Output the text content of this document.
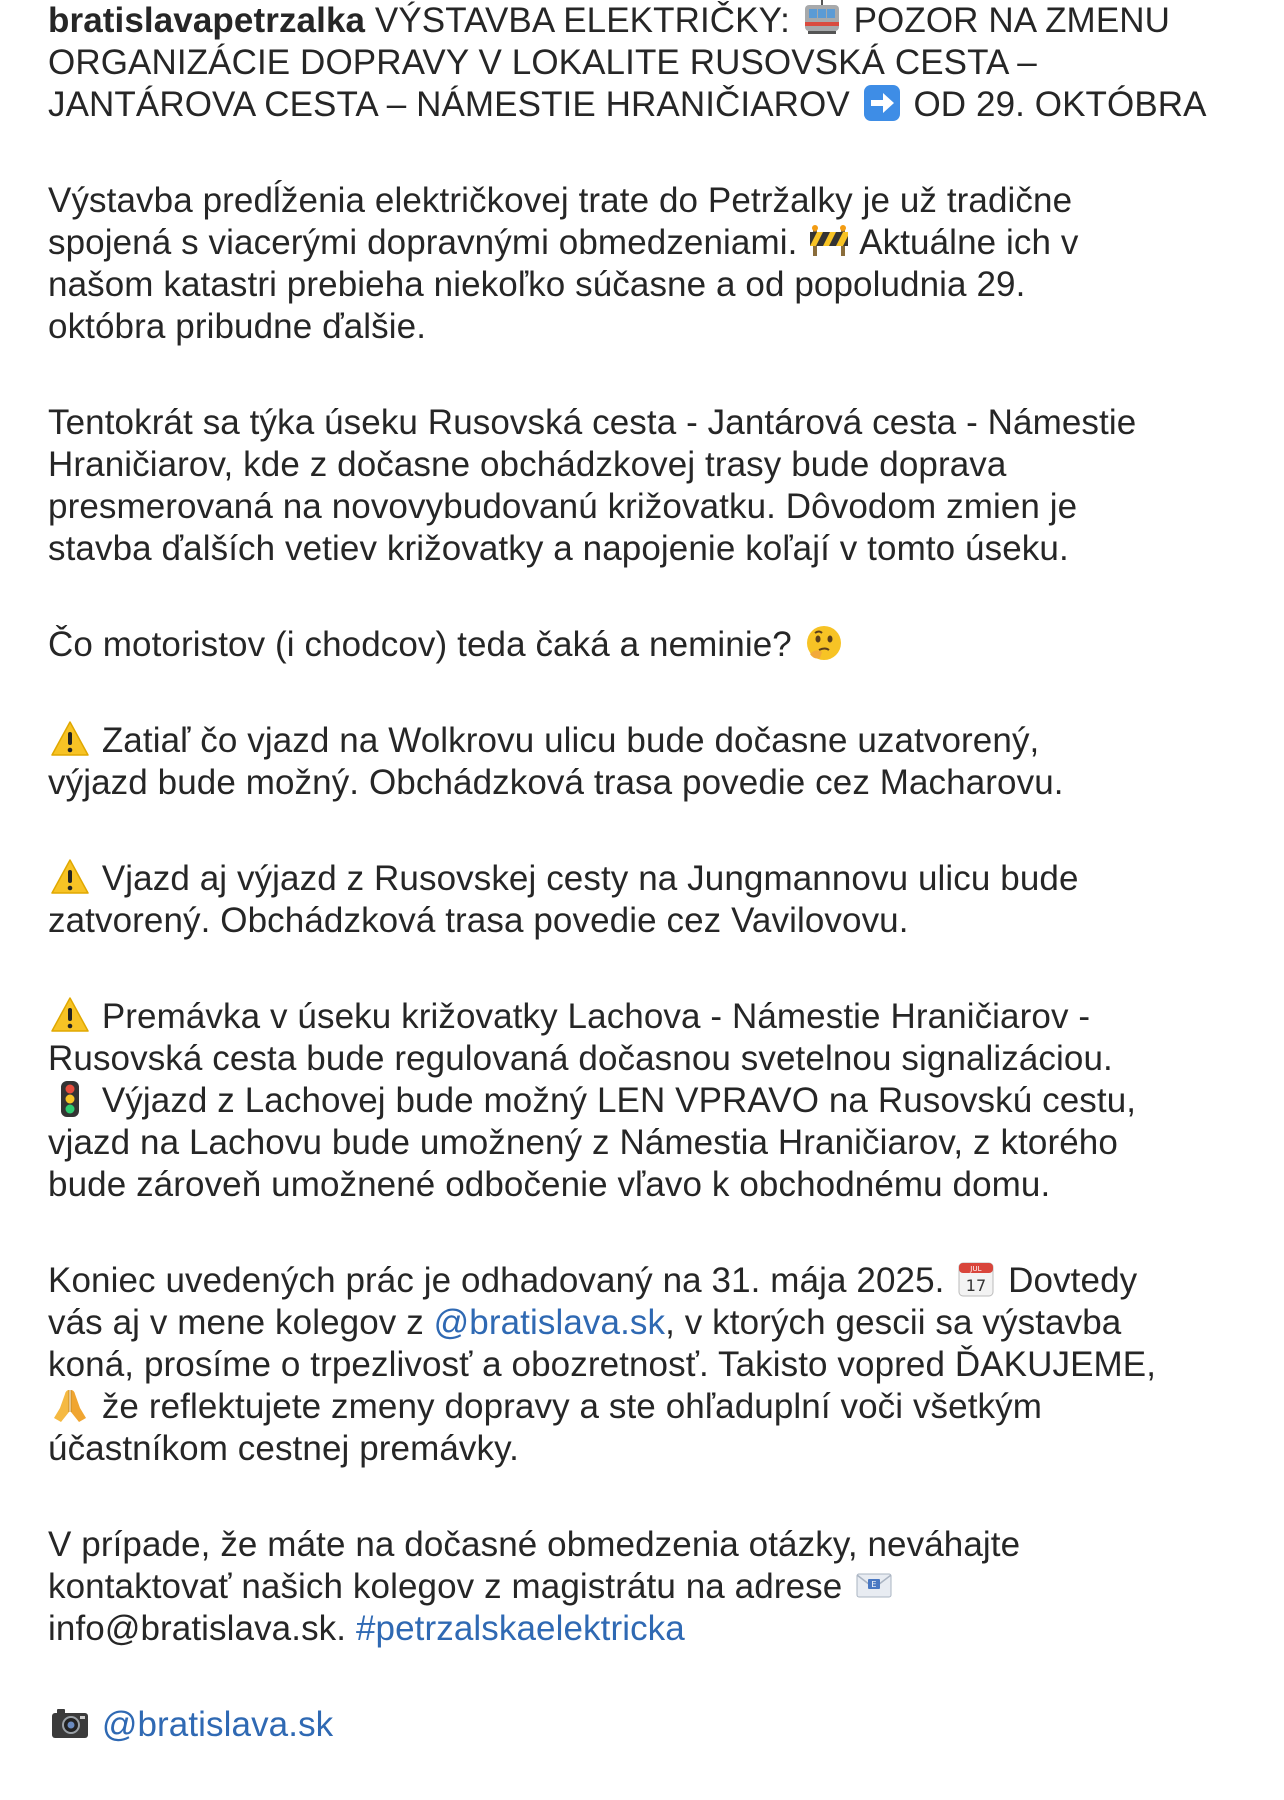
bratislavapetrzalka VÝSTAVBA ELEKTRIČKY: POZOR NA ZMENU
ORGANIZÁCIE DOPRAVY V LOKALITE RUSOVSKÁ CESTA –
JANTÁROVA CESTA – NÁMESTIE HRANIČIAROV OD 29. OKTÓBRA

Výstavba predĺženia električkovej trate do Petržalky je už tradične
spojená s viacerými dopravnými obmedzeniami. Aktuálne ich v
našom katastri prebieha niekoľko súčasne a od popoludnia 29.
októbra pribudne ďalšie.

Tentokrát sa týka úseku Rusovská cesta - Jantárová cesta - Námestie
Hraničiarov, kde z dočasne obchádzkovej trasy bude doprava
presmerovaná na novovybudovanú križovatku. Dôvodom zmien je
stavba ďalších vetiev križovatky a napojenie koľají v tomto úseku.

Čo motoristov (i chodcov) teda čaká a neminie?

Zatiaľ čo vjazd na Wolkrovu ulicu bude dočasne uzatvorený,
výjazd bude možný. Obchádzková trasa povedie cez Macharovu.

Vjazd aj výjazd z Rusovskej cesty na Jungmannovu ulicu bude
zatvorený. Obchádzková trasa povedie cez Vavilovovu.

Premávka v úseku križovatky Lachova - Námestie Hraničiarov -
Rusovská cesta bude regulovaná dočasnou svetelnou signalizáciou.
Výjazd z Lachovej bude možný LEN VPRAVO na Rusovskú cestu,
vjazd na Lachovu bude umožnený z Námestia Hraničiarov, z ktorého
bude zároveň umožnené odbočenie vľavo k obchodnému domu.

Koniec uvedených prác je odhadovaný na 31. mája 2025.	JUL
17 Dovtedy
vás aj v mene kolegov z @bratislava.sk, v ktorých gescii sa výstavba
koná, prosíme o trpezlivosť a obozretnosť. Takisto vopred ĎAKUJEME,
že reflektujete zmeny dopravy a ste ohľaduplní voči všetkým
účastníkom cestnej premávky.

V prípade, že máte na dočasné obmedzenia otázky, neváhajte
kontaktovať našich kolegov z magistrátu na adrese	E
info@bratislava.sk. #petrzalskaelektricka

@bratislava.sk
